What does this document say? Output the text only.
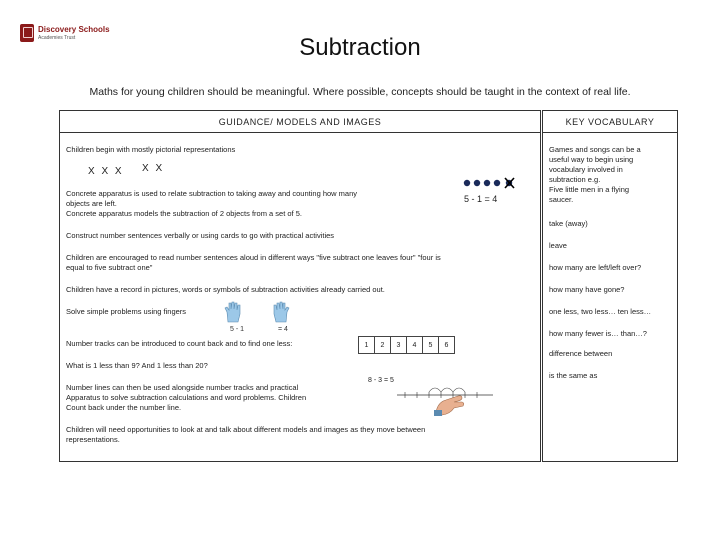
Discovery Schools
Academies Trust	Subtraction
Maths for young children should be meaningful. Where possible, concepts should be taught in the context of real life.
GUIDANCE/ MODELS AND IMAGES
Children begin with mostly pictorial representations
X X X X X
Concrete apparatus is used to relate subtraction to taking away and counting how many
objects are left.
Concrete apparatus models the subtraction of 2 objects from a set of 5.
Construct number sentences verbally or using cards to go with practical activities
Children are encouraged to read number sentences aloud in different ways "five subtract one leaves four" "four is
equal to five subtract one"
Children have a record in pictures, words or symbols of subtraction activities already carried out.
Solve simple problems using fingers
Number tracks can be introduced to count back and to find one less:
What is 1 less than 9? And 1 less than 20?
Number lines can then be used alongside number tracks and practical
Apparatus to solve subtraction calculations and word problems. Children
Count back under the number line.
Children will need opportunities to look at and talk about different models and images as they move between
representations.
5 - 1 = 4
5 - 1	= 4
1	2	3	4	5	6
8 - 3 = 5
KEY VOCABULARY
Games and songs can be a
useful way to begin using
vocabulary involved in
subtraction e.g.
Five little men in a flying
saucer.
take (away)
leave
how many are left/left over?
how many have gone?
one less, two less… ten less…
how many fewer is… than…?
difference between
is the same as
